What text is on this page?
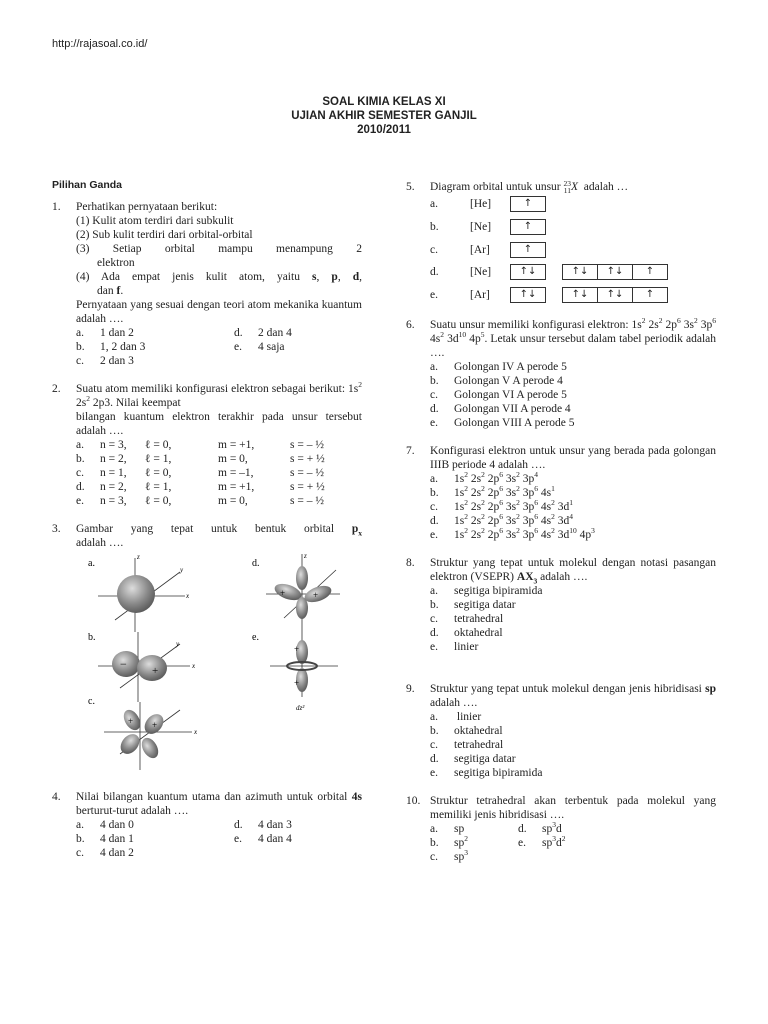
http://rajasoal.co.id/
SOAL KIMIA KELAS XI
UJIAN AKHIR SEMESTER GANJIL
2010/2011
Pilihan Ganda
1. Perhatikan pernyataan berikut:
(1) Kulit atom terdiri dari subkulit
(2) Sub kulit terdiri dari orbital-orbital
(3) Setiap orbital mampu menampung 2
elektron
(4) Ada empat jenis kulit atom, yaitu s, p, d,
dan f.
Pernyataan yang sesuai dengan teori atom mekanika kuantum adalah ….
a.	1 dan 2
b.	1, 2 dan 3
c.	2 dan 3
d.	2 dan 4
e.	4 saja
2. Suatu atom memiliki konfigurasi elektron sebagai berikut: $1s^2$ $2s^2$ 2p3. Nilai keempat
bilangan kuantum elektron terakhir pada unsur tersebut adalah ….
a.	n = 3,	ℓ = 0,	m = +1,	s = – ½
b.	n = 2,	ℓ = 1,	m = 0,	s = + ½
c.	n = 1,	ℓ = 0,	m = –1,	s = – ½
d.	n = 2,	ℓ = 1,	m = +1,	s = + ½
e.	n = 3,	ℓ = 0,	m = 0,	s = – ½
3. Gambar yang tepat untuk bentuk orbital $p_x$
adalah ….
a.
x
y
z
b.
− +	x
y
c.
+ +
x
d.
+	+
z
e.
+
+
dz²
4. Nilai bilangan kuantum utama dan azimuth untuk orbital 4s berturut-turut adalah ….
a.	4 dan 0
b.	4 dan 1
c.	4 dan 2
d.	4 dan 3
e.	4 dan 4
5. Diagram orbital untuk unsur 23
11X  adalah …
a.	[He]	↑
b.	[Ne]	↑
c.	[Ar]	↑
d.	[Ne]	↑↓	↑↓	↑↓	↑
e.	[Ar]	↑↓	↑↓	↑↓	↑
6. Suatu unsur memiliki konfigurasi elektron: $1s^2$ $2s^2$ $2p^6$ $3s^2$ $3p^6$ $4s^2$ $3d^{10}$ $4p^5$. Letak unsur tersebut dalam tabel periodik adalah ….
a.	Golongan IV A perode 5
b.	Golongan V A perode 4
c.	Golongan VI A perode 5
d.	Golongan VII A perode 4
e.	Golongan VIII A perode 5
7. Konfigurasi elektron untuk unsur yang berada pada golongan IIIB periode 4 adalah ….
a.	$1s^2$ $2s^2$ $2p^6$ $3s^2$ $3p^4$
b.	$1s^2$ $2s^2$ $2p^6$ $3s^2$ $3p^6$ $4s^1$
c.	$1s^2$ $2s^2$ $2p^6$ $3s^2$ $3p^6$ $4s^2$ $3d^1$
d.	$1s^2$ $2s^2$ $2p^6$ $3s^2$ $3p^6$ $4s^2$ $3d^4$
e.	$1s^2$ $2s^2$ $2p^6$ $3s^2$ $3p^6$ $4s^2$ $3d^{10}$ $4p^3$
8. Struktur yang tepat untuk molekul dengan notasi pasangan elektron (VSEPR) $AX_3$ adalah ….
a.	segitiga bipiramida
b.	segitiga datar
c.	tetrahedral
d.	oktahedral
e.	linier
9. Struktur yang tepat untuk molekul dengan jenis hibridisasi sp adalah ….
a.	linier
b.	oktahedral
c.	tetrahedral
d.	segitiga datar
e.	segitiga bipiramida
10. Struktur tetrahedral akan terbentuk pada molekul yang memiliki jenis hibridisasi ….
a.	sp
b.	$sp^2$
c.	$sp^3$
d.	$sp^3d$
e.	$sp^3d^2$
